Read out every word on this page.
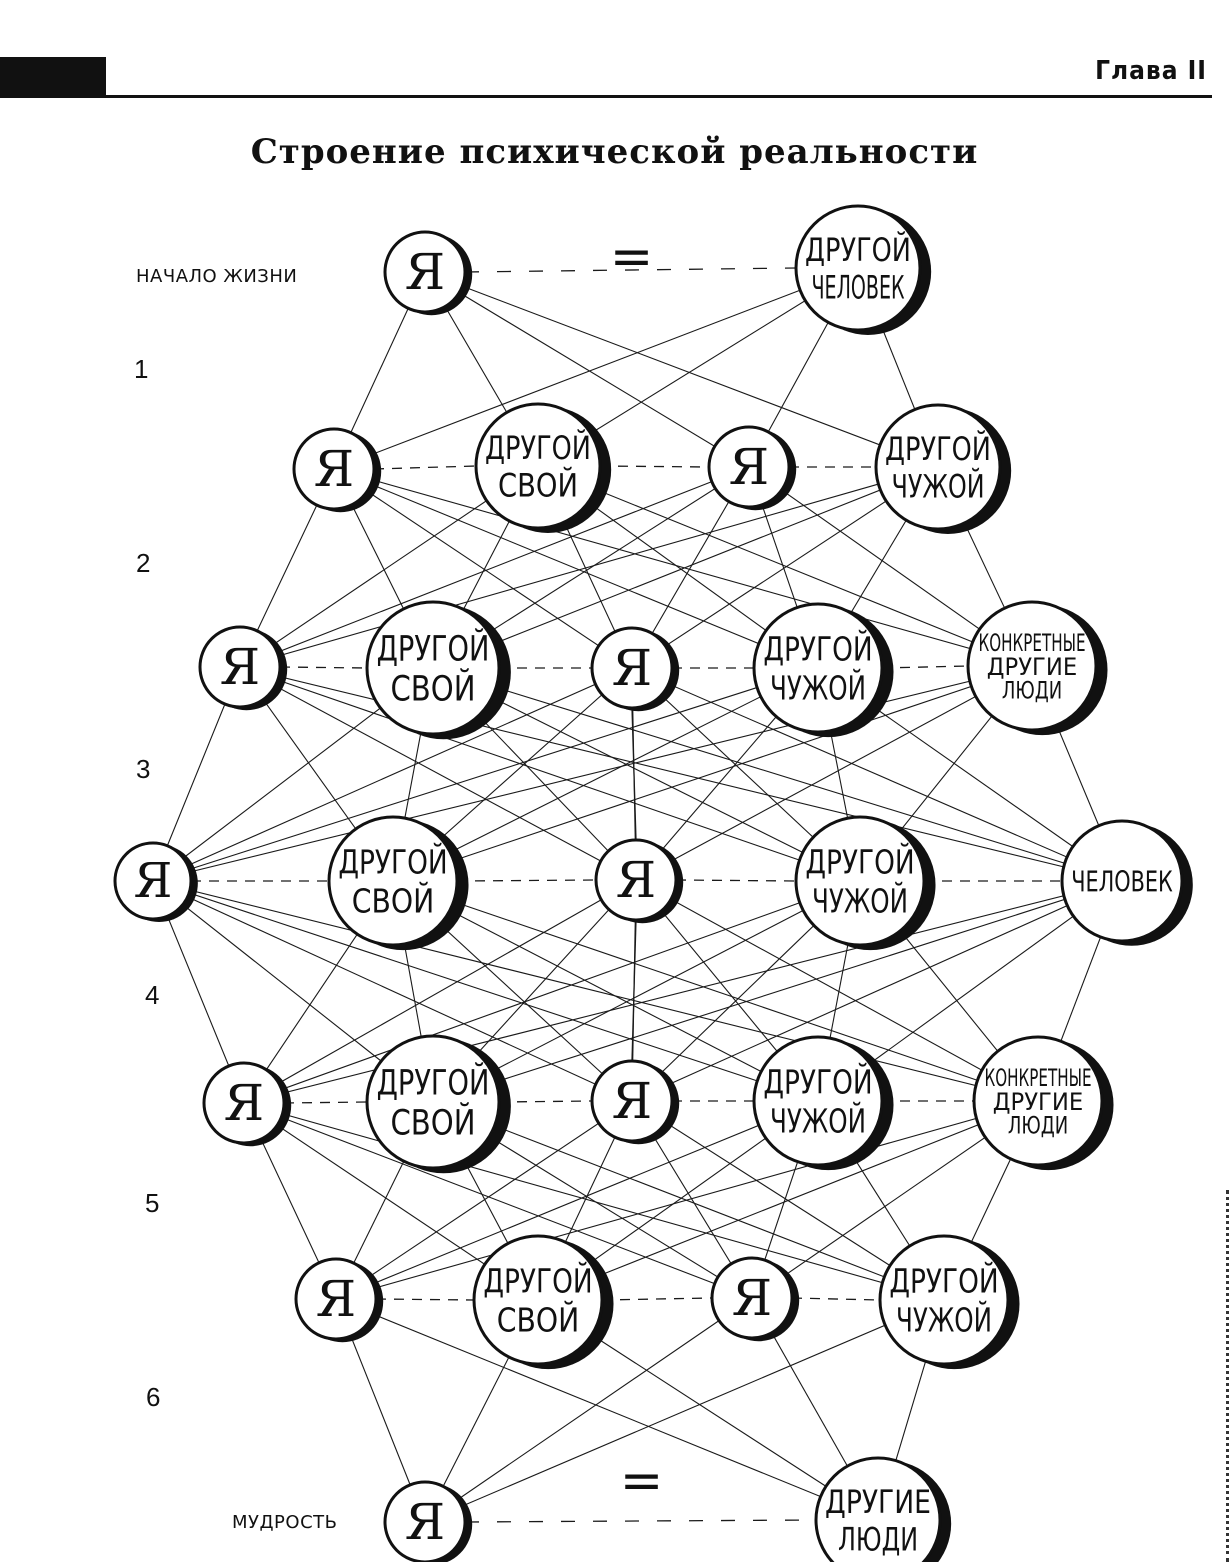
Глава II
Строение психической реальности
НАЧАЛО ЖИЗНИ
МУДРОСТЬ
1
2
3
4
5
6
=
=
Я	ДРУГОЙ
ЧЕЛОВЕК
Я	ДРУГОЙ
СВОЙ	Я	ДРУГОЙ
ЧУЖОЙ
Я	ДРУГОЙ
СВОЙ	Я	ДРУГОЙ
ЧУЖОЙ
КОНКРЕТНЫЕ
ДРУГИЕ
ЛЮДИ
Я	ДРУГОЙ
СВОЙ	Я	ДРУГОЙ
ЧУЖОЙ	ЧЕЛОВЕК
Я	ДРУГОЙ
СВОЙ	Я	ДРУГОЙ
ЧУЖОЙ
КОНКРЕТНЫЕ
ДРУГИЕ
ЛЮДИ
Я	ДРУГОЙ
СВОЙ	Я	ДРУГОЙ
ЧУЖОЙ
Я	ДРУГИЕ
ЛЮДИ
